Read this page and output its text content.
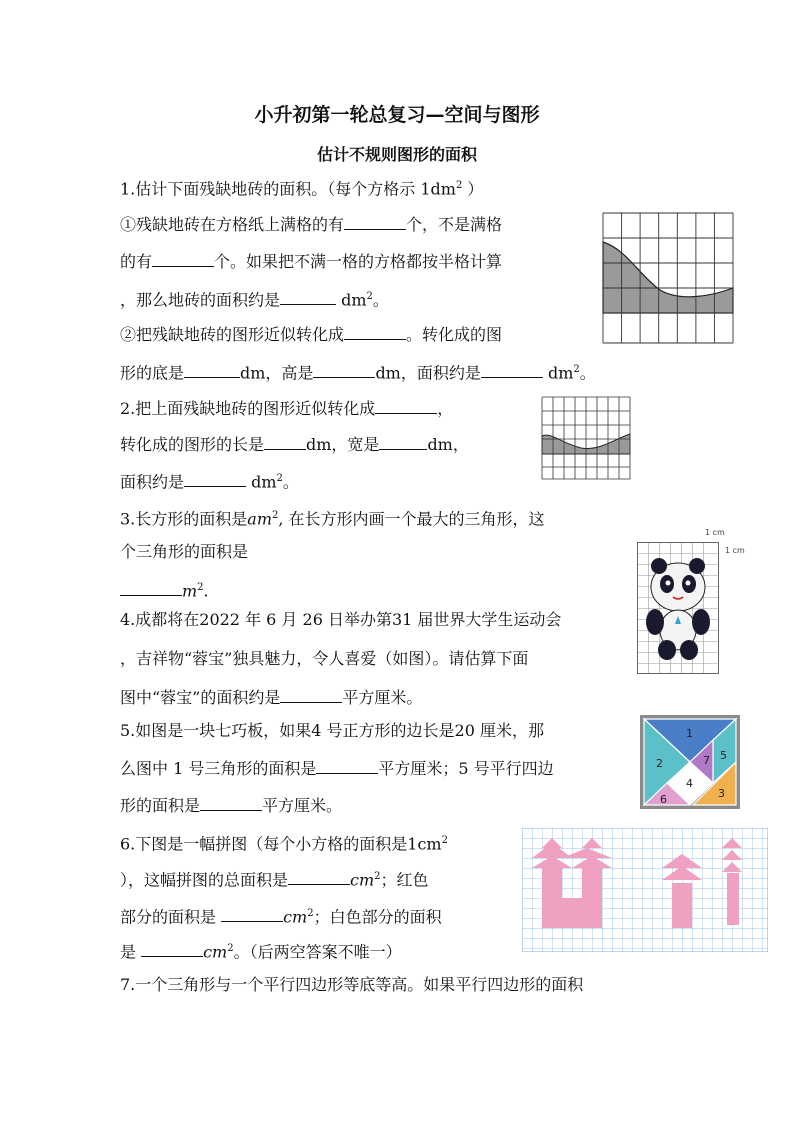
小升初第一轮总复习—空间与图形
估计不规则图形的面积
1.估计下面残缺地砖的面积。（每个方格示 $1dm^2$ ）
①残缺地砖在方格纸上满格的有	个，不是满格
的有	个。如果把不满一格的方格都按半格计算
，那么地砖的面积约是	$dm^2$。
②把残缺地砖的图形近似转化成	。转化成的图
形的底是	dm，高是	dm，面积约是	$dm^2$。
2.把上面残缺地砖的图形近似转化成	，
转化成的图形的长是	dm，宽是	dm，
面积约是	$dm^2$。
3.长方形的面积是$am^2$, 在长方形内画一个最大的三角形，这
个三角形的面积是
$m^2$.
1 cm
1 cm
4.成都将在2022 年 6 月 26 日举办第31 届世界大学生运动会
，吉祥物“蓉宝”独具魅力，令人喜爱（如图）。请估算下面
图中“蓉宝”的面积约是	平方厘米。
5.如图是一块七巧板，如果4 号正方形的边长是20 厘米，那
么图中 1 号三角形的面积是	平方厘米；5 号平行四边
形的面积是	平方厘米。
1
2
3
4
5
6
7
6.下图是一幅拼图（每个小方格的面积是$1cm^2$
），这幅拼图的总面积是	$cm^2$；红色
部分的面积是	$cm^2$；白色部分的面积
是	$cm^2$。（后两空答案不唯一）
7.一个三角形与一个平行四边形等底等高。如果平行四边形的面积
